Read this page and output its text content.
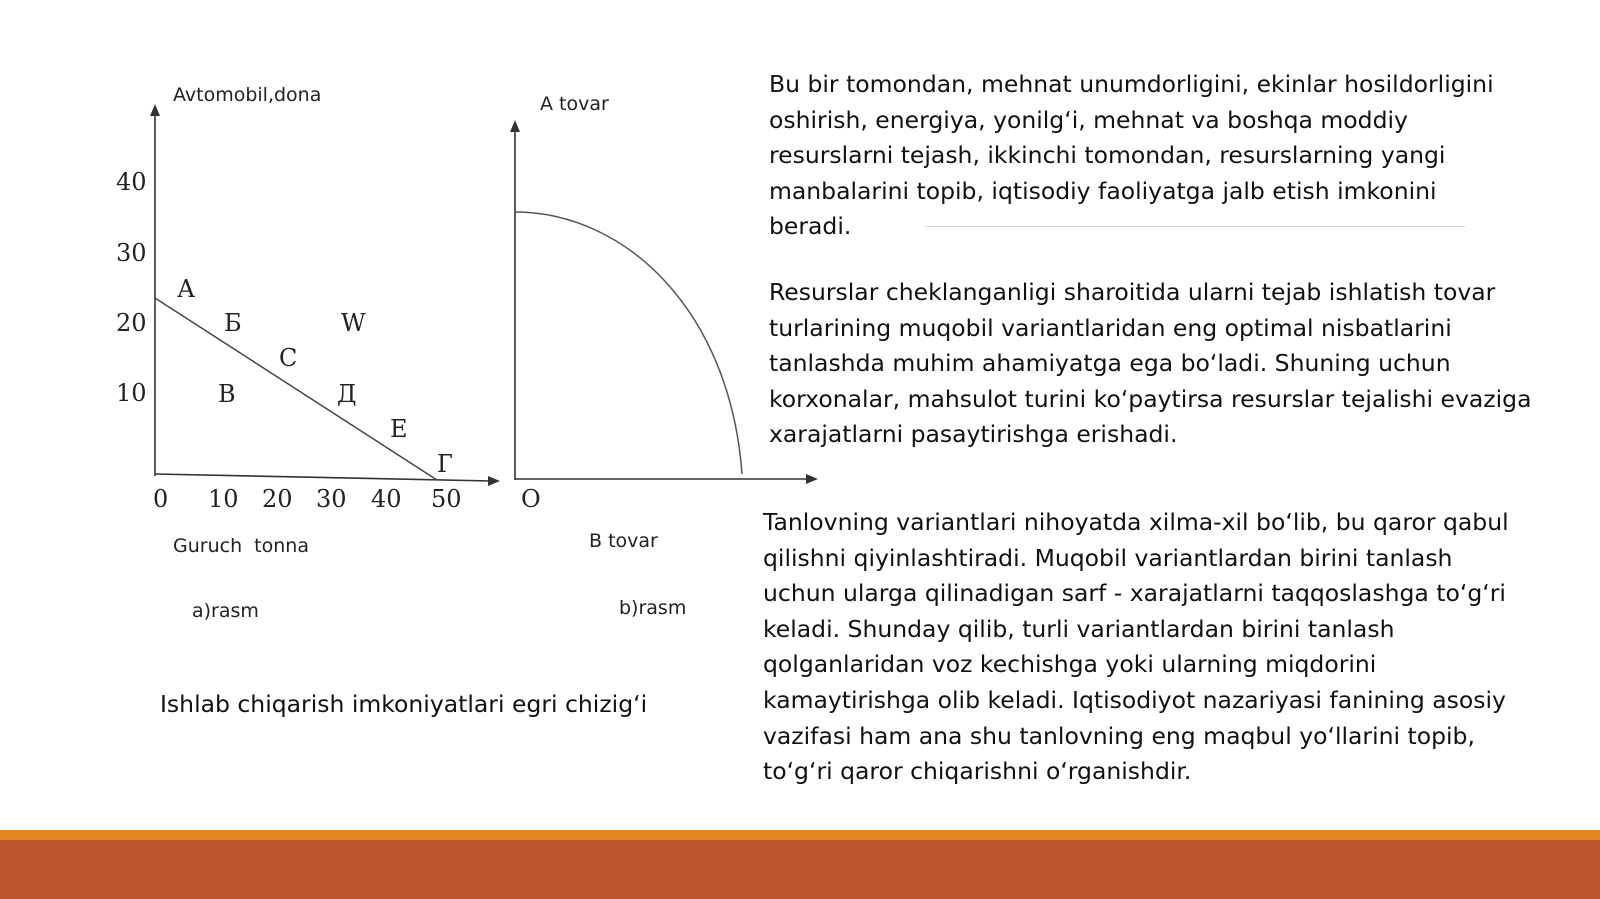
Avtomobil,dona
40
30
20
10
0 10 20 30 40 50
А
Б
С
W
В	Д
Е
Г
Guruch  tonna
a)rasm
A tovar
O
B tovar
b)rasm

Bu bir tomondan, mehnat unumdorligini, ekinlar hosildorligini
oshirish, energiya, yonilg‘i, mehnat va boshqa moddiy
resurslarni tejash, ikkinchi tomondan, resurslarning yangi
manbalarini topib, iqtisodiy faoliyatga jalb etish imkonini
beradi.

Resurslar cheklanganligi sharoitida ularni tejab ishlatish tovar
turlarining muqobil variantlaridan eng optimal nisbatlarini
tanlashda muhim ahamiyatga ega bo‘ladi. Shuning uchun
korxonalar, mahsulot turini ko‘paytirsa resurslar tejalishi evaziga
xarajatlarni pasaytirishga erishadi.

Tanlovning variantlari nihoyatda xilma-xil bo‘lib, bu qaror qabul
qilishni qiyinlashtiradi. Muqobil variantlardan birini tanlash
uchun ularga qilinadigan sarf - xarajatlarni taqqoslashga to‘g‘ri
keladi. Shunday qilib, turli variantlardan birini tanlash
qolganlaridan voz kechishga yoki ularning miqdorini
kamaytirishga olib keladi. Iqtisodiyot nazariyasi fanining asosiy
vazifasi ham ana shu tanlovning eng maqbul yo‘llarini topib,
to‘g‘ri qaror chiqarishni o‘rganishdir.

Ishlab chiqarish imkoniyatlari egri chizig‘i
